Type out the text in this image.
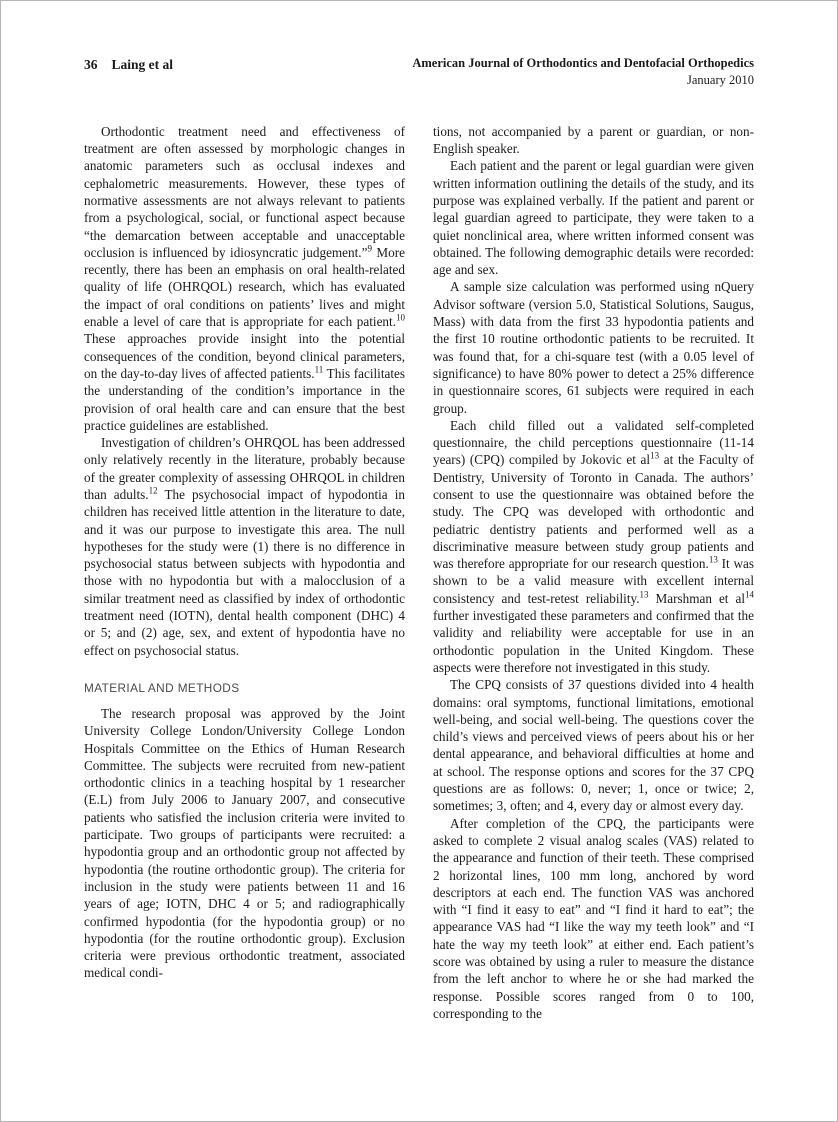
36 Laing et al	American Journal of Orthodontics and Dentofacial Orthopedics
January 2010

Orthodontic treatment need and effectiveness of treatment are often assessed by morphologic changes in anatomic parameters such as occlusal indexes and cephalometric measurements. However, these types of normative assessments are not always relevant to patients from a psychological, social, or functional aspect because “the demarcation between acceptable and unacceptable occlusion is influenced by idiosyncratic judgement.”$^9$ More recently, there has been an emphasis on oral health-related quality of life (OHRQOL) research, which has evaluated the impact of oral conditions on patients’ lives and might enable a level of care that is appropriate for each patient.$^{10}$ These approaches provide insight into the potential consequences of the condition, beyond clinical parameters, on the day-to-day lives of affected patients.$^{11}$ This facilitates the understanding of the condition’s importance in the provision of oral health care and can ensure that the best practice guidelines are established.

Investigation of children’s OHRQOL has been addressed only relatively recently in the literature, probably because of the greater complexity of assessing OHRQOL in children than adults.$^{12}$ The psychosocial impact of hypodontia in children has received little attention in the literature to date, and it was our purpose to investigate this area. The null hypotheses for the study were (1) there is no difference in psychosocial status between subjects with hypodontia and those with no hypodontia but with a malocclusion of a similar treatment need as classified by index of orthodontic treatment need (IOTN), dental health component (DHC) 4 or 5; and (2) age, sex, and extent of hypodontia have no effect on psychosocial status.

MATERIAL AND METHODS

The research proposal was approved by the Joint University College London/University College London Hospitals Committee on the Ethics of Human Research Committee. The subjects were recruited from new-patient orthodontic clinics in a teaching hospital by 1 researcher (E.L) from July 2006 to January 2007, and consecutive patients who satisfied the inclusion criteria were invited to participate. Two groups of participants were recruited: a hypodontia group and an orthodontic group not affected by hypodontia (the routine orthodontic group). The criteria for inclusion in the study were patients between 11 and 16 years of age; IOTN, DHC 4 or 5; and radiographically confirmed hypodontia (for the hypodontia group) or no hypodontia (for the routine orthodontic group). Exclusion criteria were previous orthodontic treatment, associated medical condi-

tions, not accompanied by a parent or guardian, or non-English speaker.

Each patient and the parent or legal guardian were given written information outlining the details of the study, and its purpose was explained verbally. If the patient and parent or legal guardian agreed to participate, they were taken to a quiet nonclinical area, where written informed consent was obtained. The following demographic details were recorded: age and sex.

A sample size calculation was performed using nQuery Advisor software (version 5.0, Statistical Solutions, Saugus, Mass) with data from the first 33 hypodontia patients and the first 10 routine orthodontic patients to be recruited. It was found that, for a chi-square test (with a 0.05 level of significance) to have 80% power to detect a 25% difference in questionnaire scores, 61 subjects were required in each group.

Each child filled out a validated self-completed questionnaire, the child perceptions questionnaire (11-14 years) (CPQ) compiled by Jokovic et $al^{13}$ at the Faculty of Dentistry, University of Toronto in Canada. The authors’ consent to use the questionnaire was obtained before the study. The CPQ was developed with orthodontic and pediatric dentistry patients and performed well as a discriminative measure between study group patients and was therefore appropriate for our research question.$^{13}$ It was shown to be a valid measure with excellent internal consistency and test-retest reliability.$^{13}$ Marshman et $al^{14}$ further investigated these parameters and confirmed that the validity and reliability were acceptable for use in an orthodontic population in the United Kingdom. These aspects were therefore not investigated in this study.

The CPQ consists of 37 questions divided into 4 health domains: oral symptoms, functional limitations, emotional well-being, and social well-being. The questions cover the child’s views and perceived views of peers about his or her dental appearance, and behavioral difficulties at home and at school. The response options and scores for the 37 CPQ questions are as follows: 0, never; 1, once or twice; 2, sometimes; 3, often; and 4, every day or almost every day.

After completion of the CPQ, the participants were asked to complete 2 visual analog scales (VAS) related to the appearance and function of their teeth. These comprised 2 horizontal lines, 100 mm long, anchored by word descriptors at each end. The function VAS was anchored with “I find it easy to eat” and “I find it hard to eat”; the appearance VAS had “I like the way my teeth look” and “I hate the way my teeth look” at either end. Each patient’s score was obtained by using a ruler to measure the distance from the left anchor to where he or she had marked the response. Possible scores ranged from 0 to 100, corresponding to the
